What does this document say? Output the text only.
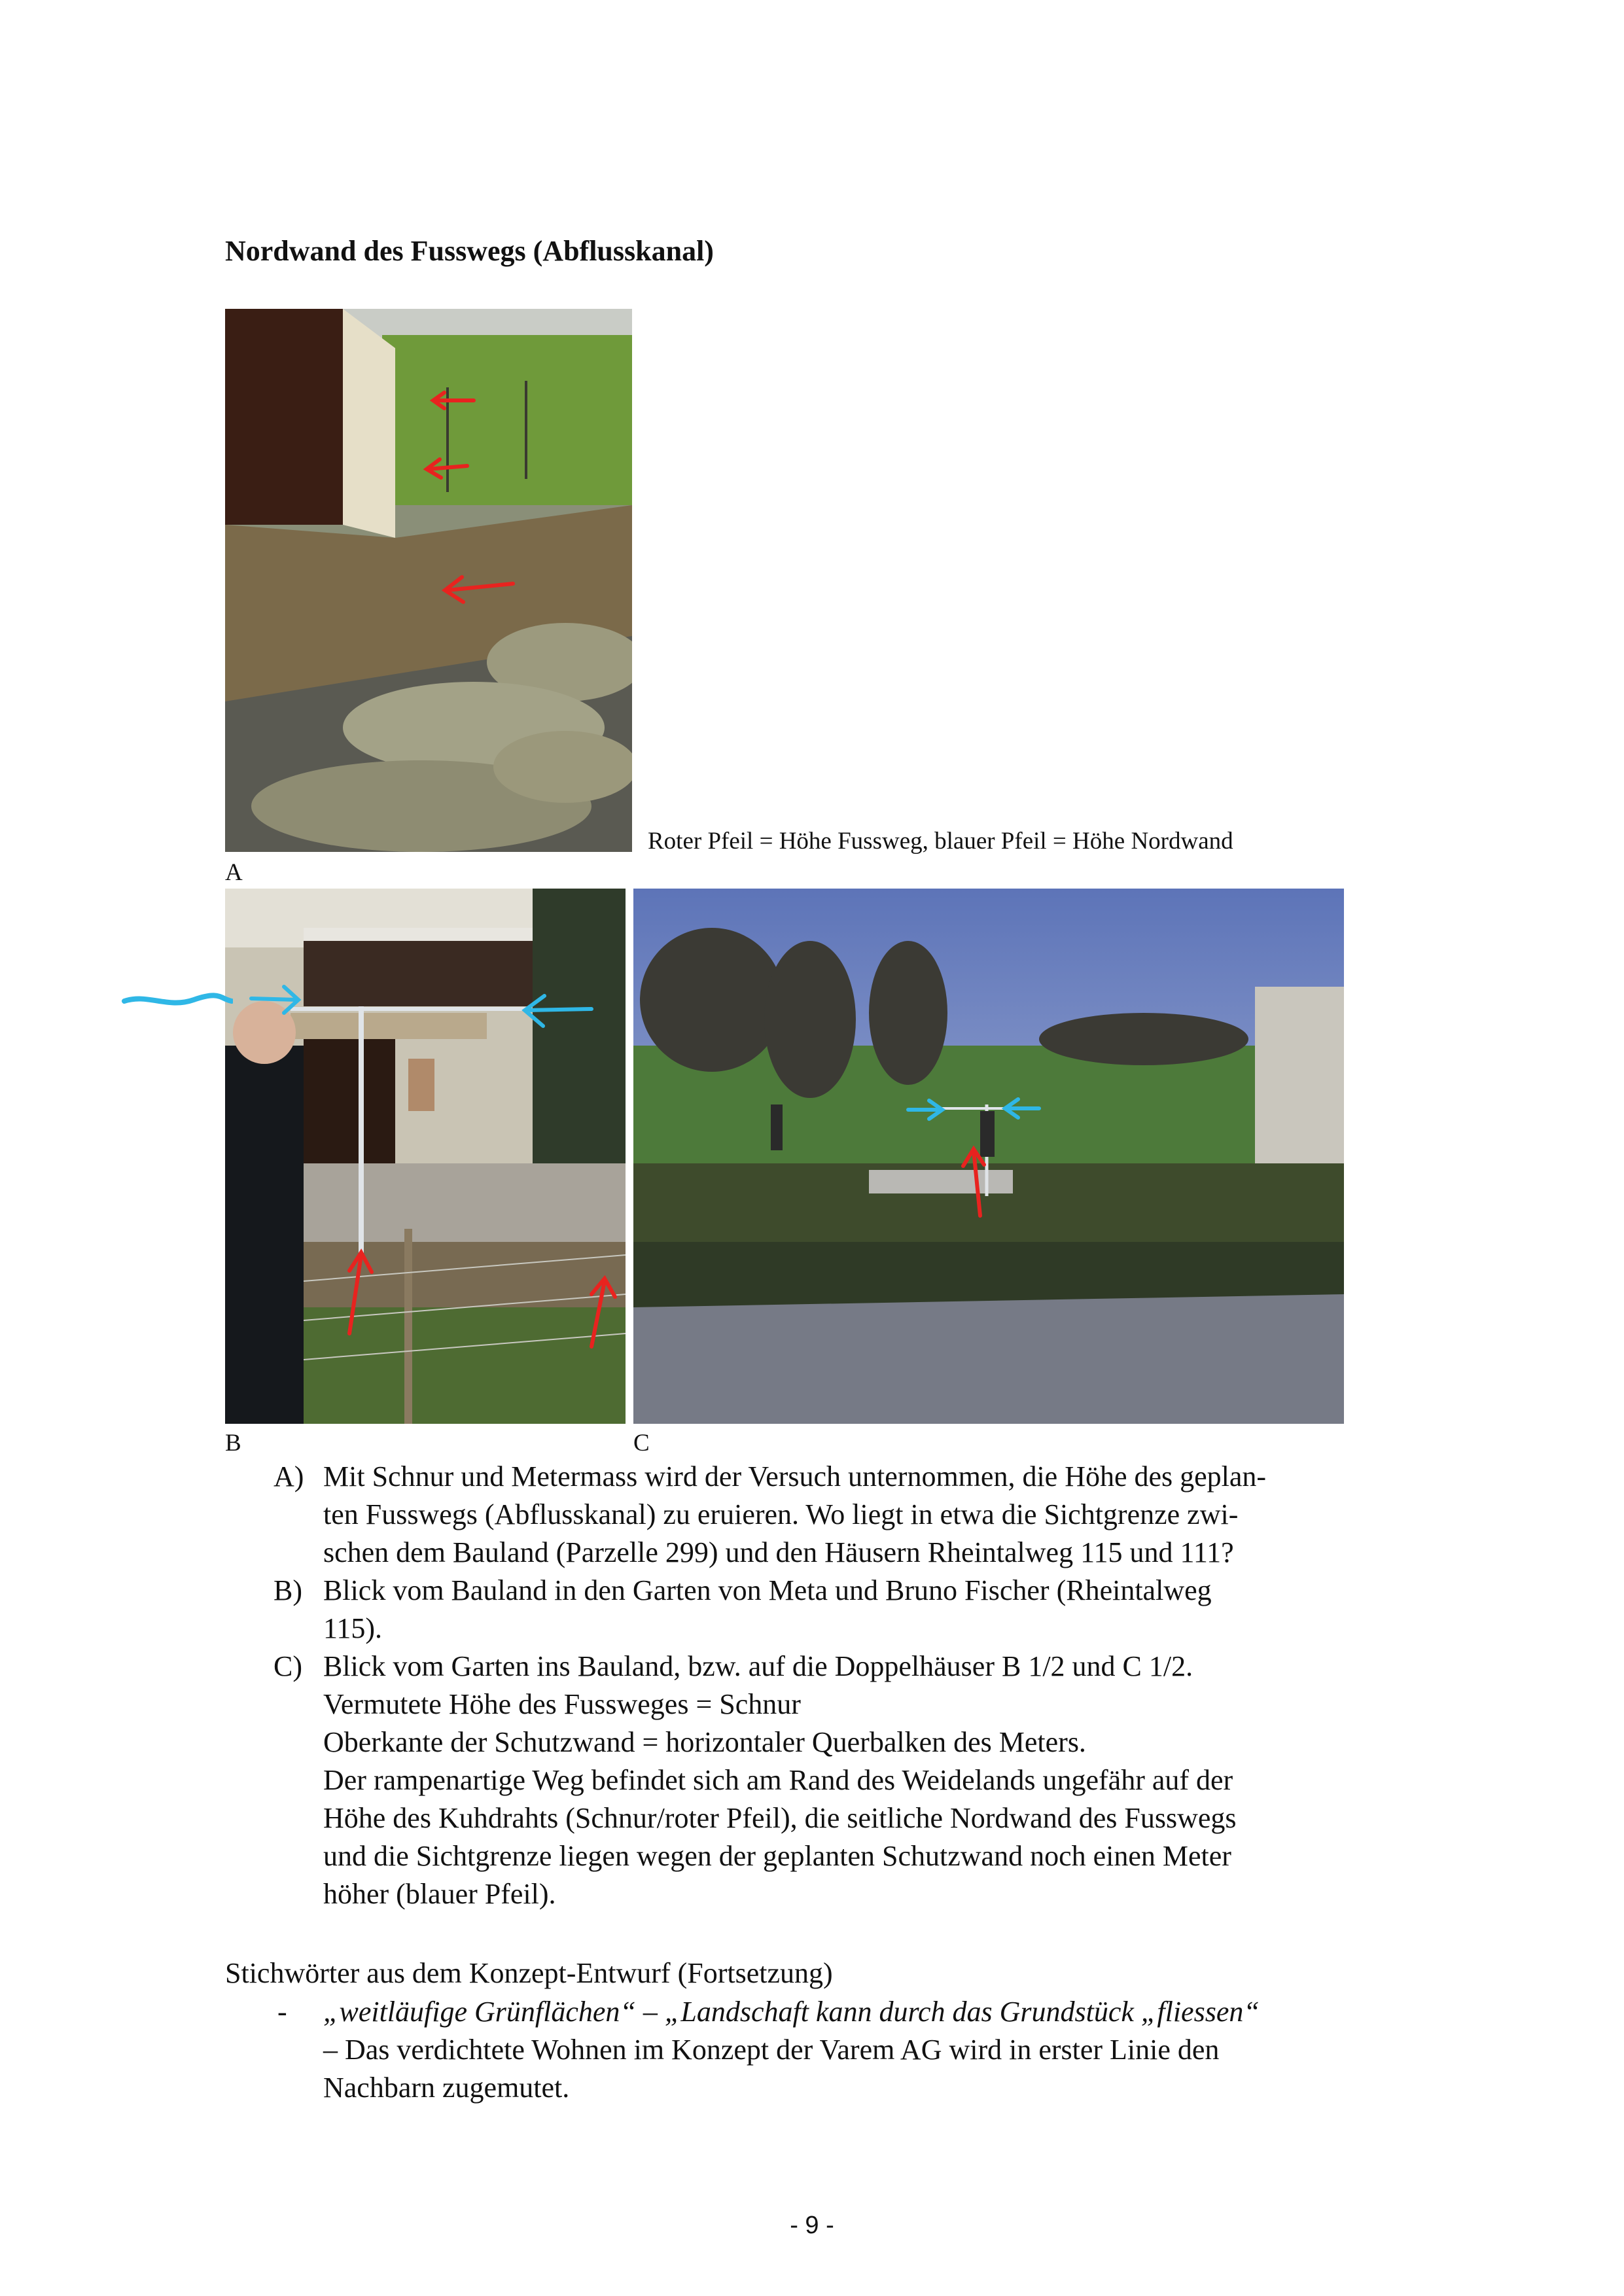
Nordwand des Fusswegs (Abflusskanal)
Roter Pfeil = Höhe Fussweg, blauer Pfeil = Höhe Nordwand
A
B	C
A) Mit Schnur und Metermass wird der Versuch unternommen, die Höhe des geplan-
ten Fusswegs (Abflusskanal) zu eruieren. Wo liegt in etwa die Sichtgrenze zwi-
schen dem Bauland (Parzelle 299) und den Häusern Rheintalweg 115 und 111?
B) Blick vom Bauland in den Garten von Meta und Bruno Fischer (Rheintalweg
115).
C) Blick vom Garten ins Bauland, bzw. auf die Doppelhäuser B 1/2 und C 1/2.
Vermutete Höhe des Fussweges = Schnur
Oberkante der Schutzwand = horizontaler Querbalken des Meters.
Der rampenartige Weg befindet sich am Rand des Weidelands ungefähr auf der
Höhe des Kuhdrahts (Schnur/roter Pfeil), die seitliche Nordwand des Fusswegs
und die Sichtgrenze liegen wegen der geplanten Schutzwand noch einen Meter
höher (blauer Pfeil).
Stichwörter aus dem Konzept-Entwurf (Fortsetzung)
-	„weitläufige Grünflächen“ – „Landschaft kann durch das Grundstück „fliessen“
– Das verdichtete Wohnen im Konzept der Varem AG wird in erster Linie den
Nachbarn zugemutet.
- 9 -
